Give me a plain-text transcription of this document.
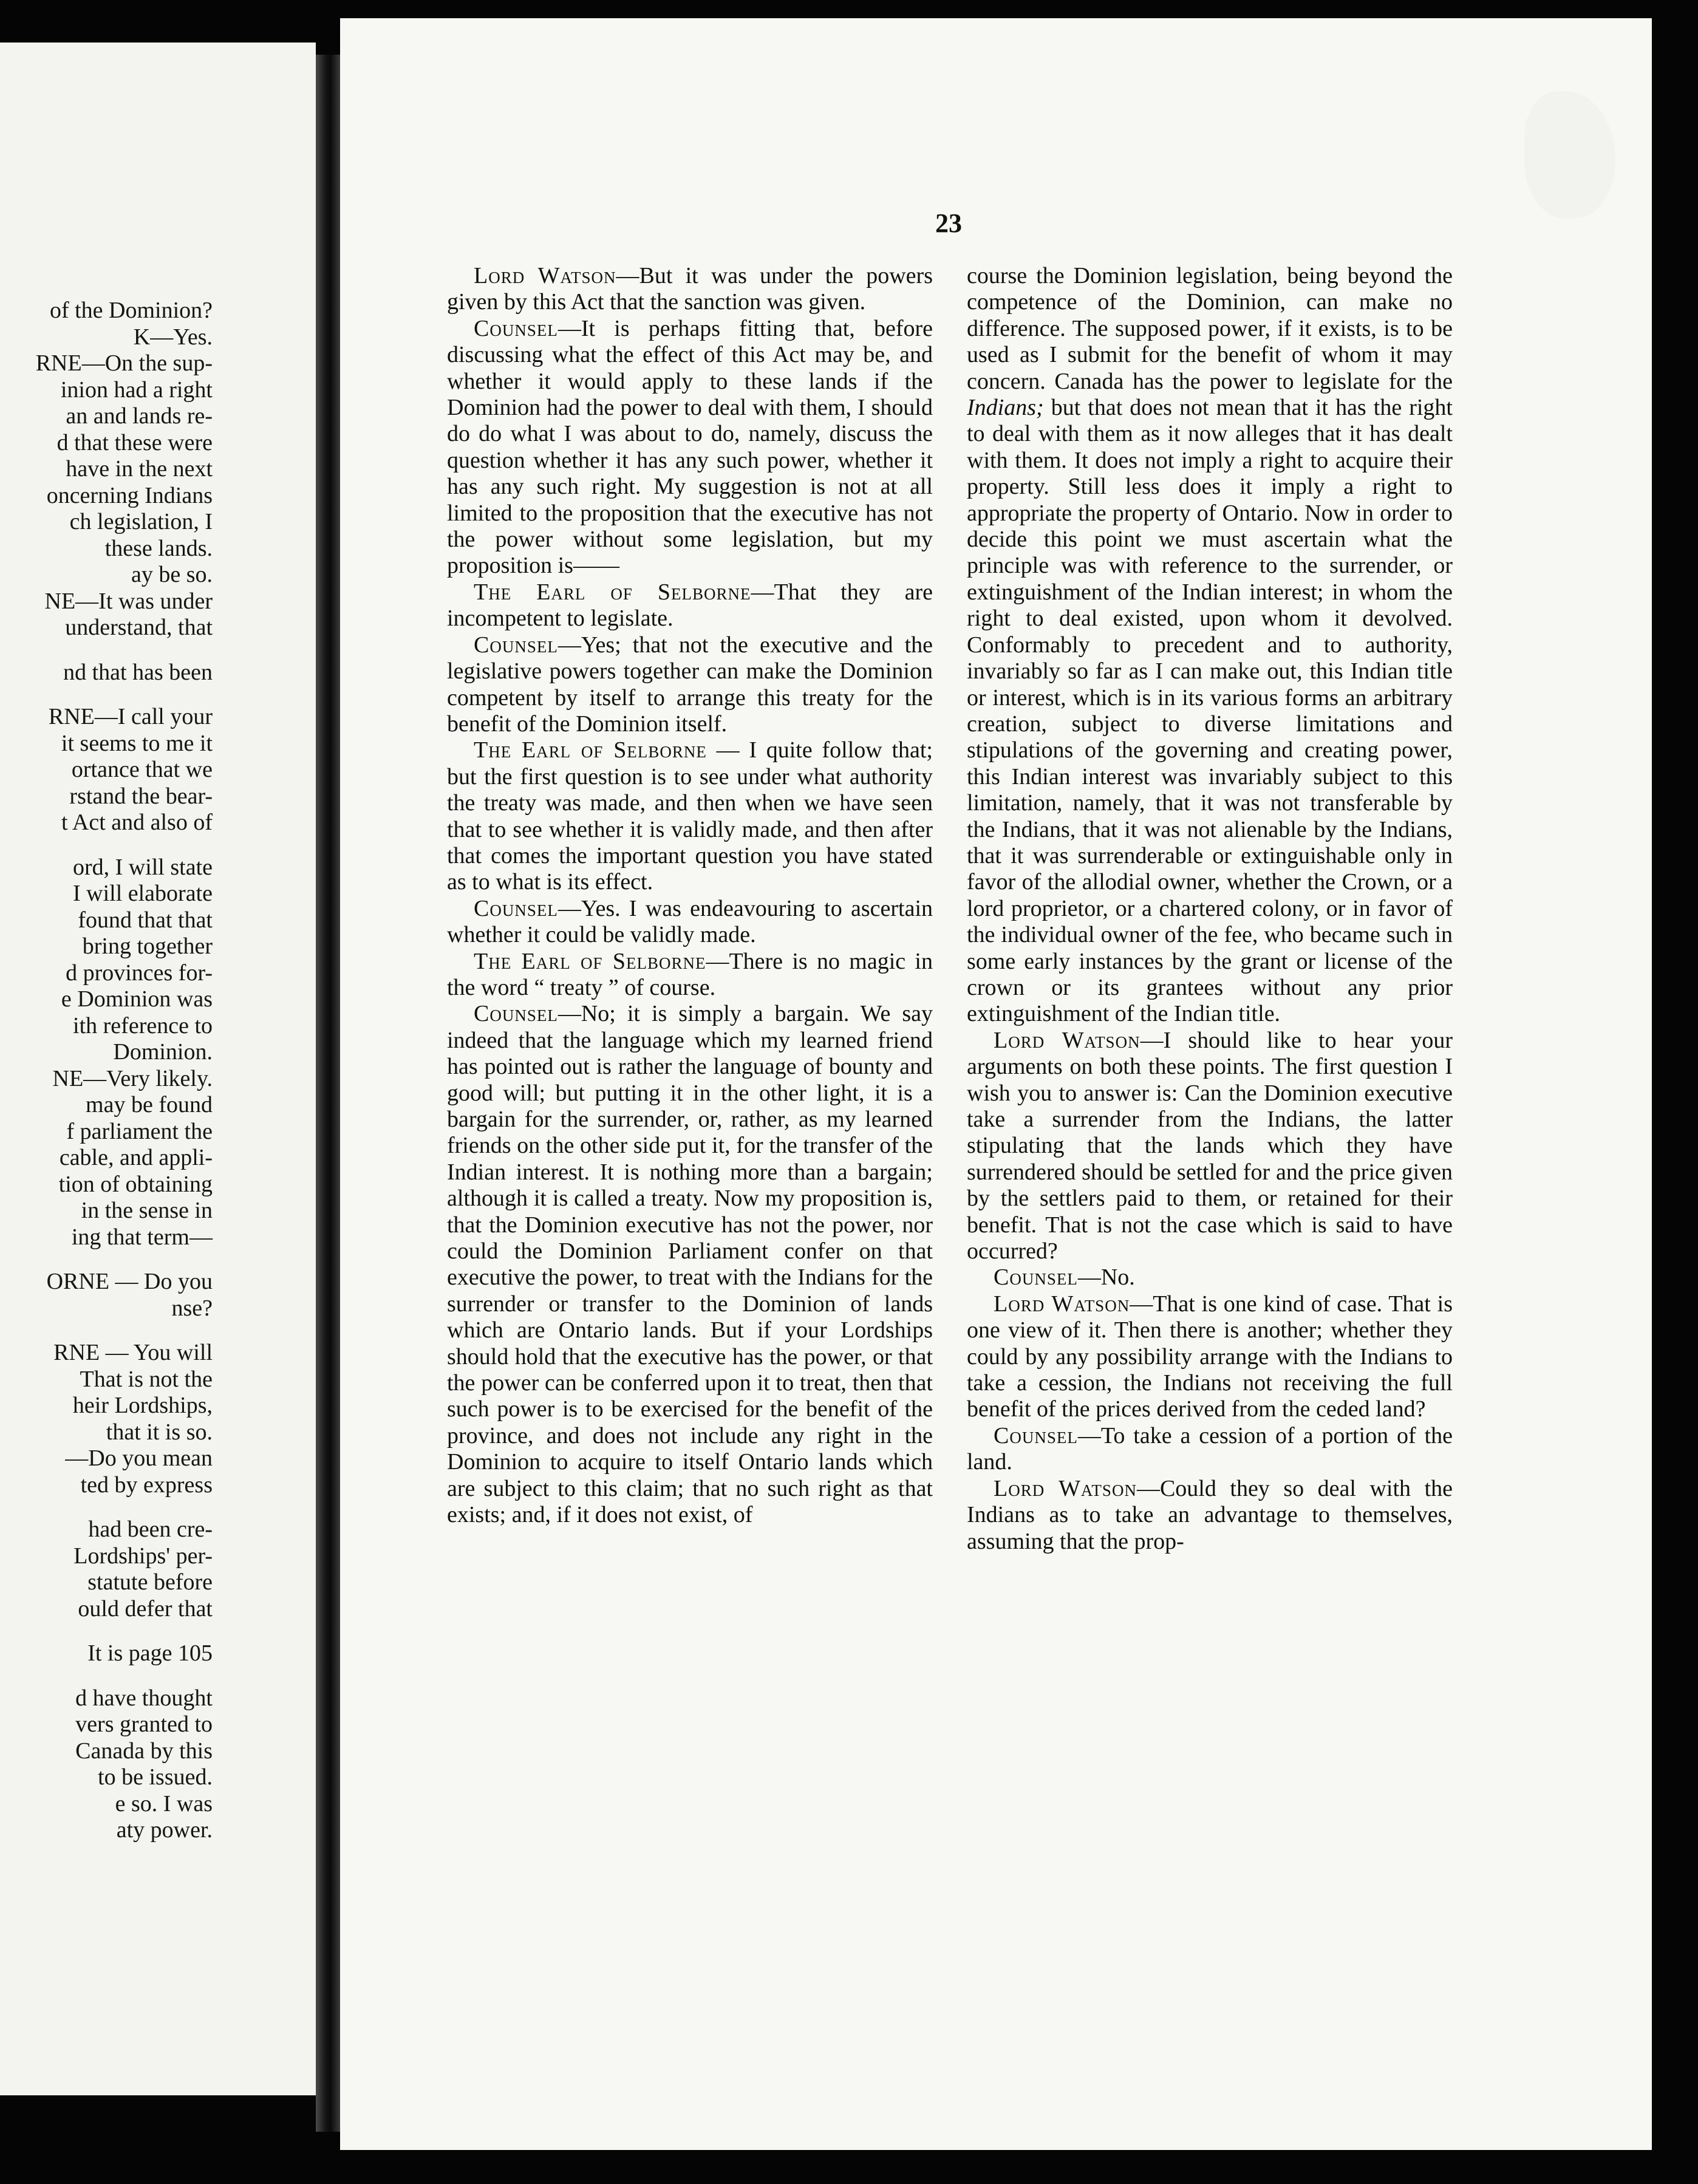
of the Dominion?
K—Yes.
RNE—On the sup-
inion had a right
an and lands re-
d that these were
have in the next
oncerning Indians
ch legislation, I
these lands.
ay be so.
NE—It was under
understand, that
nd that has been
RNE—I call your
it seems to me it
ortance that we
rstand the bear-
t Act and also of
ord, I will state
I will elaborate
found that that
bring together
d provinces for-
e Dominion was
ith reference to
Dominion.
NE—Very likely.
may be found
f parliament the
cable, and appli-
tion of obtaining
in the sense in
ing that term—
ORNE — Do you
nse?
RNE — You will
That is not the
heir Lordships,
that it is so.
—Do you mean
ted by express
had been cre-
Lordships' per-
statute before
ould defer that
It is page 105
d have thought
vers granted to
Canada by this
to be issued.
e so. I was
aty power.
23

Lord Watson—But it was under the powers given by this Act that the sanction was given.

Counsel—It is perhaps fitting that, before discussing what the effect of this Act may be, and whether it would apply to these lands if the Dominion had the power to deal with them, I should do do what I was about to do, namely, discuss the question whether it has any such power, whether it has any such right. My suggestion is not at all limited to the proposition that the executive has not the power without some legislation, but my proposition is——

The Earl of Selborne—That they are incompetent to legislate.

Counsel—Yes; that not the executive and the legislative powers together can make the Dominion competent by itself to arrange this treaty for the benefit of the Dominion itself.

The Earl of Selborne — I quite follow that; but the first question is to see under what authority the treaty was made, and then when we have seen that to see whether it is validly made, and then after that comes the important question you have stated as to what is its effect.

Counsel—Yes. I was endeavouring to ascertain whether it could be validly made.

The Earl of Selborne—There is no magic in the word “ treaty ” of course.

Counsel—No; it is simply a bargain. We say indeed that the language which my learned friend has pointed out is rather the language of bounty and good will; but putting it in the other light, it is a bargain for the surrender, or, rather, as my learned friends on the other side put it, for the transfer of the Indian interest. It is nothing more than a bargain; although it is called a treaty. Now my proposition is, that the Dominion executive has not the power, nor could the Dominion Parliament confer on that executive the power, to treat with the Indians for the surrender or transfer to the Dominion of lands which are Ontario lands. But if your Lordships should hold that the executive has the power, or that the power can be conferred upon it to treat, then that such power is to be exercised for the benefit of the province, and does not include any right in the Dominion to acquire to itself Ontario lands which are subject to this claim; that no such right as that exists; and, if it does not exist, of

course the Dominion legislation, being beyond the competence of the Dominion, can make no difference. The supposed power, if it exists, is to be used as I submit for the benefit of whom it may concern. Canada has the power to legislate for the Indians; but that does not mean that it has the right to deal with them as it now alleges that it has dealt with them. It does not imply a right to acquire their property. Still less does it imply a right to appropriate the property of Ontario. Now in order to decide this point we must ascertain what the principle was with reference to the surrender, or extinguishment of the Indian interest; in whom the right to deal existed, upon whom it devolved. Conformably to precedent and to authority, invariably so far as I can make out, this Indian title or interest, which is in its various forms an arbitrary creation, subject to diverse limitations and stipulations of the governing and creating power, this Indian interest was invariably subject to this limitation, namely, that it was not transferable by the Indians, that it was not alienable by the Indians, that it was surrenderable or extinguishable only in favor of the allodial owner, whether the Crown, or a lord proprietor, or a chartered colony, or in favor of the individual owner of the fee, who became such in some early instances by the grant or license of the crown or its grantees without any prior extinguishment of the Indian title.

Lord Watson—I should like to hear your arguments on both these points. The first question I wish you to answer is: Can the Dominion executive take a surrender from the Indians, the latter stipulating that the lands which they have surrendered should be settled for and the price given by the settlers paid to them, or retained for their benefit. That is not the case which is said to have occurred?

Counsel—No.

Lord Watson—That is one kind of case. That is one view of it. Then there is another; whether they could by any possibility arrange with the Indians to take a cession, the Indians not receiving the full benefit of the prices derived from the ceded land?

Counsel—To take a cession of a portion of the land.

Lord Watson—Could they so deal with the Indians as to take an advantage to themselves, assuming that the prop-
